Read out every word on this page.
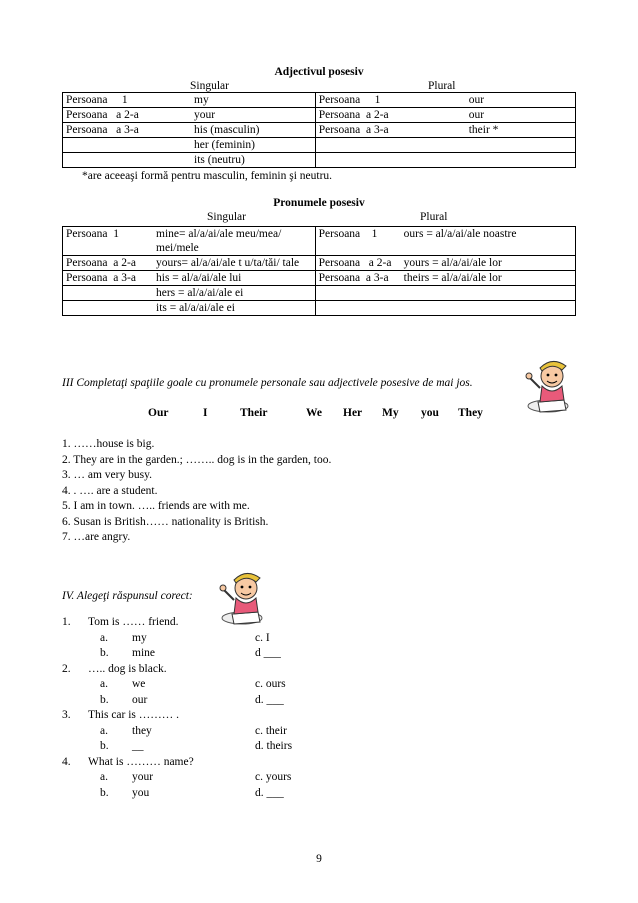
Adjectivul posesiv
Singular	Plural
Persoana     1 my	Persoana     1 our

Persoana   a 2-a your	Persoana  a 2-a our

Persoana   a 3-a his (masculin)	Persoana  a 3-a their *

her (feminin)	

its (neutru)	

*are aceeaşi formă pentru masculin, feminin şi neutru.
Pronumele posesiv
Singular	Plural
Persoana  1 mine= al/a/ai/ale meu/mea/ mei/mele	Persoana    1 ours = al/a/ai/ale noastre

Persoana  a 2-a yours= al/a/ai/ale t u/ta/tăi/ tale	Persoana   a 2-a yours = al/a/ai/ale lor

Persoana  a 3-a his = al/a/ai/ale lui	Persoana  a 3-a theirs = al/a/ai/ale lor

hers = al/a/ai/ale ei	

its = al/a/ai/ale ei	

III Completaţi spaţiile goale cu pronumele personale sau adjectivele posesive de mai jos.
Our	I	Their	We Her My you They
1. ……house is big.
2. They are in the garden.; …….. dog is in the garden, too.
3. … am very busy.
4. . …. are a student.
5. I am in town. ….. friends are with me.
6. Susan is British…… nationality is British.
7. …are angry.
IV. Alegeţi răspunsul corect:
1. Tom is …… friend.
a. my	c. I
b. mine	d ___
2. ….. dog is black.
a. we	c. ours
b. our	d. ___
3. This car is ……… .
a. they	c. their
b. __	d. theirs
4. What is ……… name?
a. your	c. yours
b. you	d. ___
9
